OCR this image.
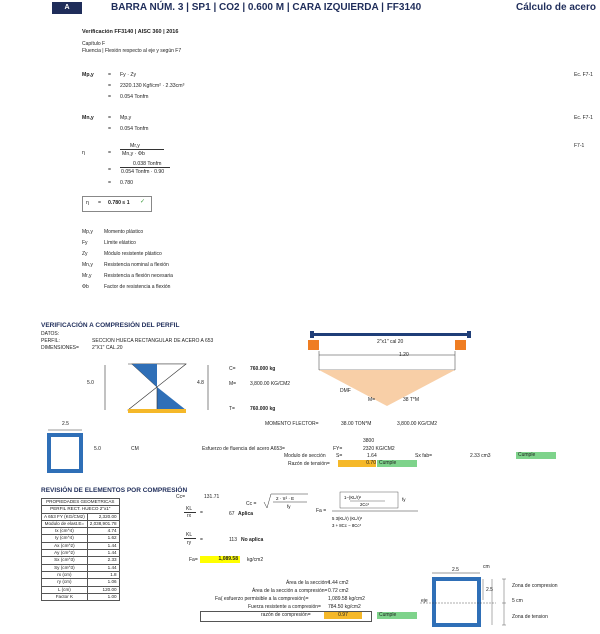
A	BARRA NÚM. 3 | SP1 | CO2 | 0.600 M | CARA IZQUIERDA | FF3140	Cálculo de acero
Verificación FF3140 | AISC 360 | 2016
Capítulo F
Fluencia | Flexión respecto al eje y según F7
Mp,y	= Fy · Zy
= 2320.130 Kgf/cm² · 2.33cm³
= 0.054 Tonfm
Ec. F7-1
Mn,y	= Mp,y
= 0.054 Tonfm
Ec. F7-1
η	=
Mr,y
Mn,y · Φb
F7-1
=
0.038 Tonfm
0.054 Tonfm · 0.90
= 0.780
η = 0.780 ≤ 1 ✓
Mp,y Momento plástico
Fy	Límite elástico
Zy	Módulo resistente plástico
Mn,y Resistencia nominal a flexión
Mr,y	Resistencia a flexión necesaria
Φb	Factor de resistencia a flexión
VERIFICACIÓN A COMPRESIÓN DEL PERFIL
DATOS:
PERFIL:	SECCION HUECA RECTANGULAR DE ACERO A 653
DIMENSIONES=	2"X1" CAL.20
5.0	4.8
C=	760.000 kg
M=	3,800.00 KG/CM2
T=	760.000 kg
2"x1" cal 20
1.20
DMF
M=	38 T*M
MOMENTO FLECTOR=	38.00 TON*M	3,800.00 KG/CM2
2.5
5.0	CM
3800
Esfuerzo de fluencia del acero A653=	FY=	2320 KG/CM2
Modulo de sección S=	1.64	Sx fab=	2.33 cm3	Cumple
Razón de tensión=	0.70 Cumple
REVISIÓN DE ELEMENTOS POR COMPRESIÓN
PROPIEDADES GEOMETRICAS	
PERFIL RECT. HUECO 2"x1"	
A 653 FY (KG/CM2)	2,320.00
Modulo de elast.E=	2,038,901.78
Ix (cm^4)	4.74
Iy (cm^4)	1.62
Ax (cm^2)	1.44
Ay (cm^2)	1.44
Sx (cm^3)	2.33
Sy (cm^3)	1.44
rx (cm)	1.8
ry (cm)	1.06
L (cm)	120.00
Factor K	1.00
Cc=	131.71
Cc =
2 · π² · E
fy
Fa =
1−(KL/r)²
2Cc²
fy
5 3(KL/r) (KL/r)³
3 + 8Cc − 8Cc³
KL
rx =	67 Aplica
KL
ry =	113 No aplica
Fa=	1,089.58	kg/cm2
Área de la sección=
1.44 cm2
Área de la sección a compresión= 0.72 cm2
Fa( esfuerzo permisible a la compresión)=	1,089.58 kg/cm2
Fuerza resistente a compresión= 784.50 kg/cm2
razón de compresión=	0.97	Cumple
2.5	cm
2.5
eje	5 cm
Zona de compresion
Zona de tension
